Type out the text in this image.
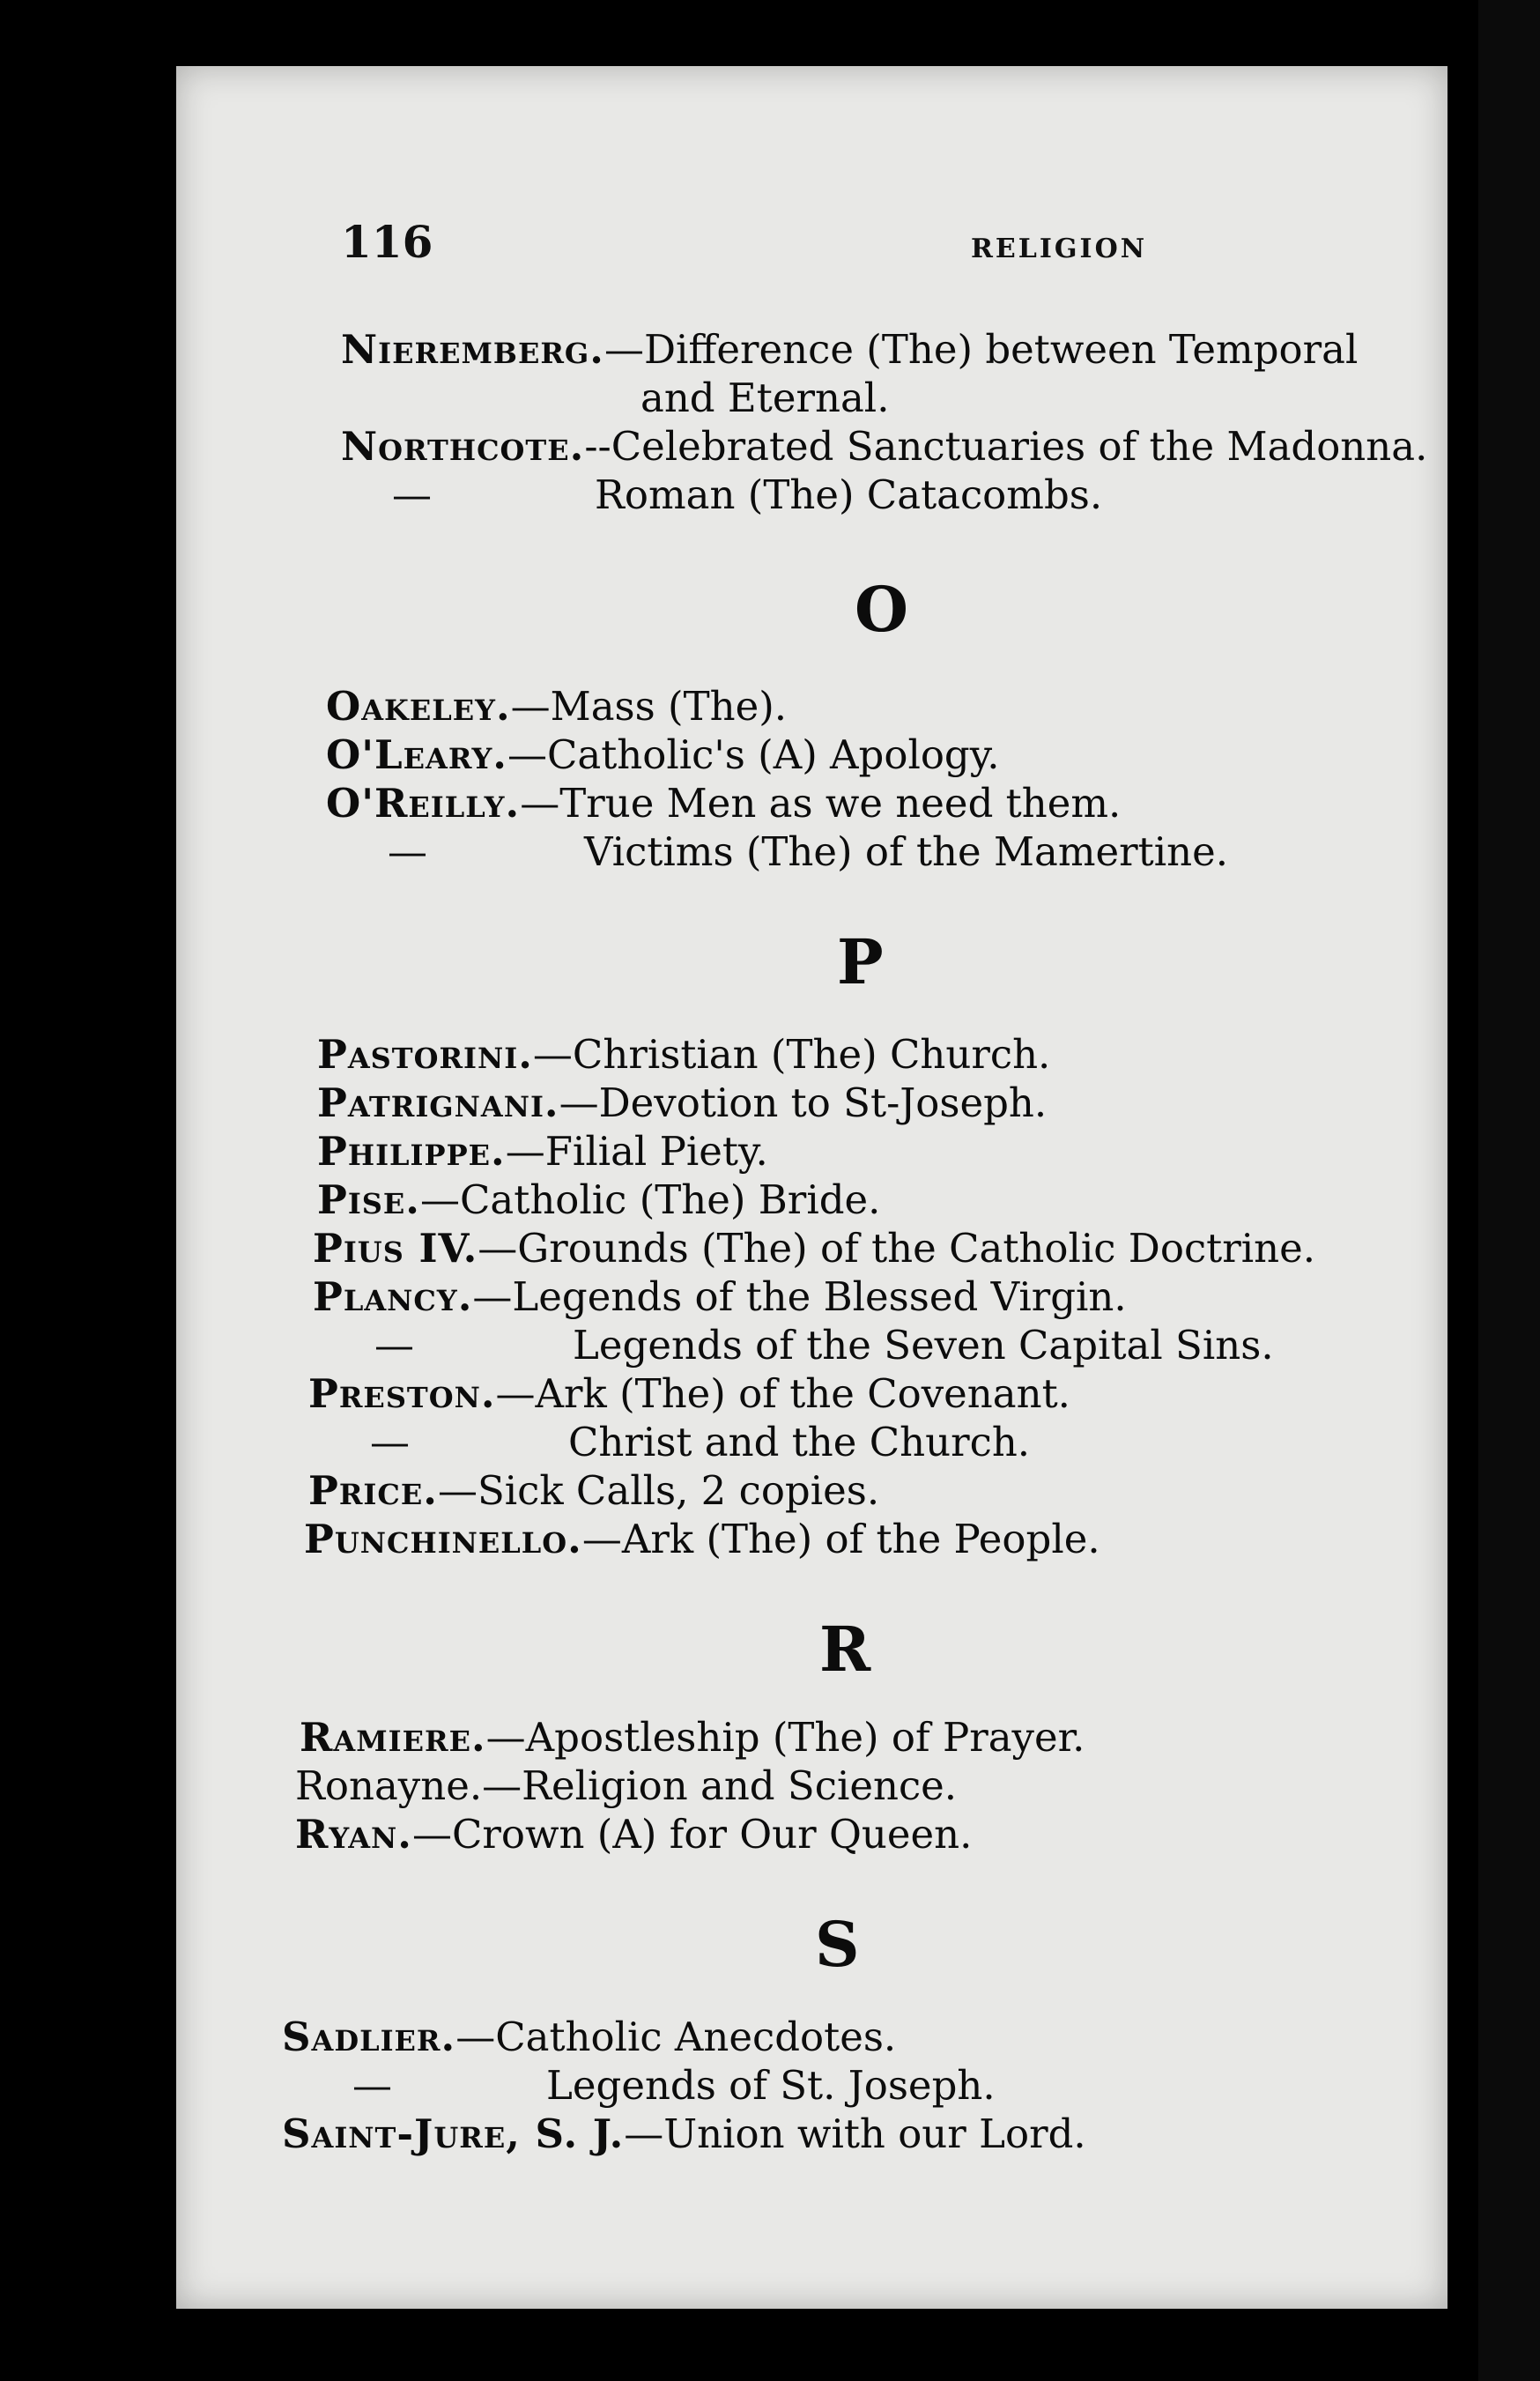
116	RELIGION
Nieremberg.—Difference (The) between Temporal
and Eternal.
Northcote.--Celebrated Sanctuaries of the Madonna.
—	Roman (The) Catacombs.
O
Oakeley.—Mass (The).
O'Leary.—Catholic's (A) Apology.
O'Reilly.—True Men as we need them.
—	Victims (The) of the Mamertine.
P
Pastorini.—Christian (The) Church.
Patrignani.—Devotion to St-Joseph.
Philippe.—Filial Piety.
Pise.—Catholic (The) Bride.
Pius IV.—Grounds (The) of the Catholic Doctrine.
Plancy.—Legends of the Blessed Virgin.
—	Legends of the Seven Capital Sins.
Preston.—Ark (The) of the Covenant.
—	Christ and the Church.
Price.—Sick Calls, 2 copies.
Punchinello.—Ark (The) of the People.
R
Ramiere.—Apostleship (The) of Prayer.
Ronayne.—Religion and Science.
Ryan.—Crown (A) for Our Queen.
S
Sadlier.—Catholic Anecdotes.
—	Legends of St. Joseph.
Saint-Jure, S. J.—Union with our Lord.
